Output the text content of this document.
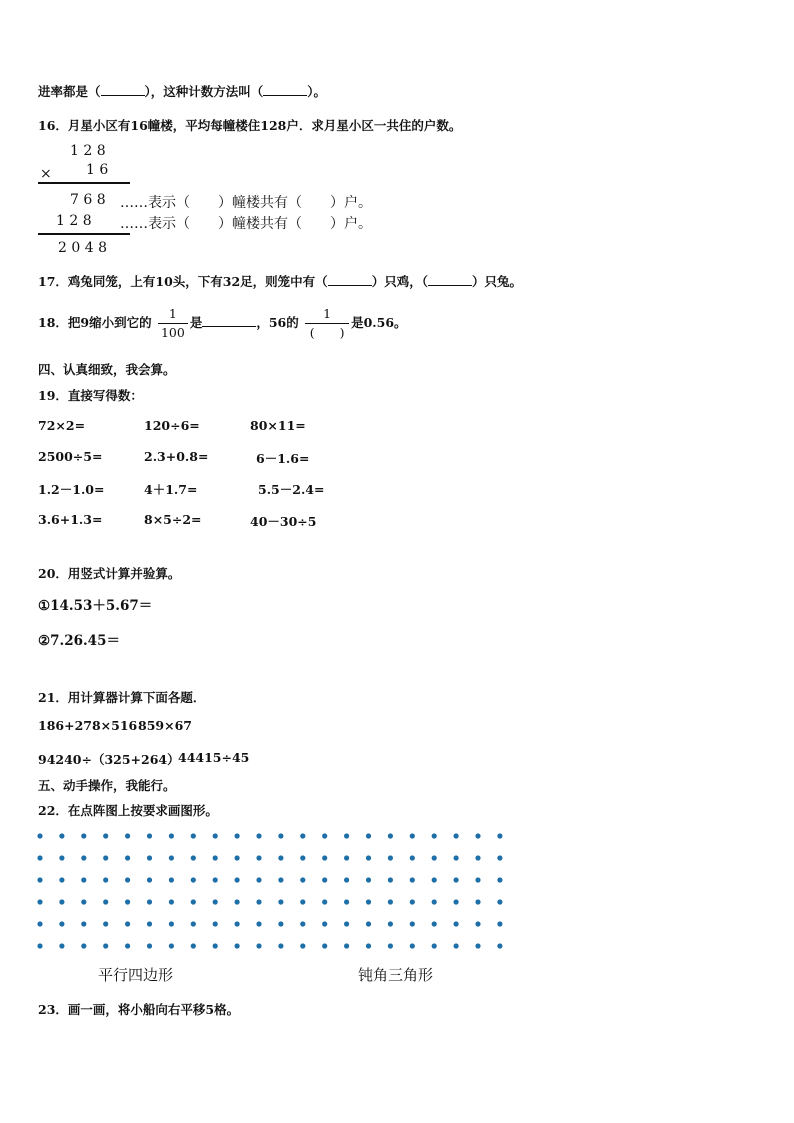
进率都是（	），这种计数方法叫（	）。
16．月星小区有16幢楼，平均每幢楼住128户．求月星小区一共住的户数。
1 2 8
× 1 6
7 6 8 ……表示（　　）幢楼共有（　　）户。
1 2 8 ……表示（　　）幢楼共有（　　）户。
2 0 4 8
17．鸡兔同笼，上有10头，下有32足，则笼中有（	）只鸡，（	）只兔。
18．把9缩小到它的 $\frac{1}{100}$ 是	，56的 $\frac{1}{( )}$ 是0.56。
四、认真细致，我会算。
19．直接写得数：
72×2=	120÷6=	80×11=
2500÷5=	2.3+0.8=	6－1.6=
1.2－1.0=	4＋1.7=	5.5－2.4=
3.6+1.3=	8×5÷2=	40－30÷5
20．用竖式计算并验算。
①14.53＋5.67＝
②7.26.45＝
21．用计算器计算下面各题．
186+278×516 859×67
94240÷（325+264）
44415÷45
五、动手操作，我能行。
22．在点阵图上按要求画图形。
平行四边形	钝角三角形
23．画一画，将小船向右平移5格。
